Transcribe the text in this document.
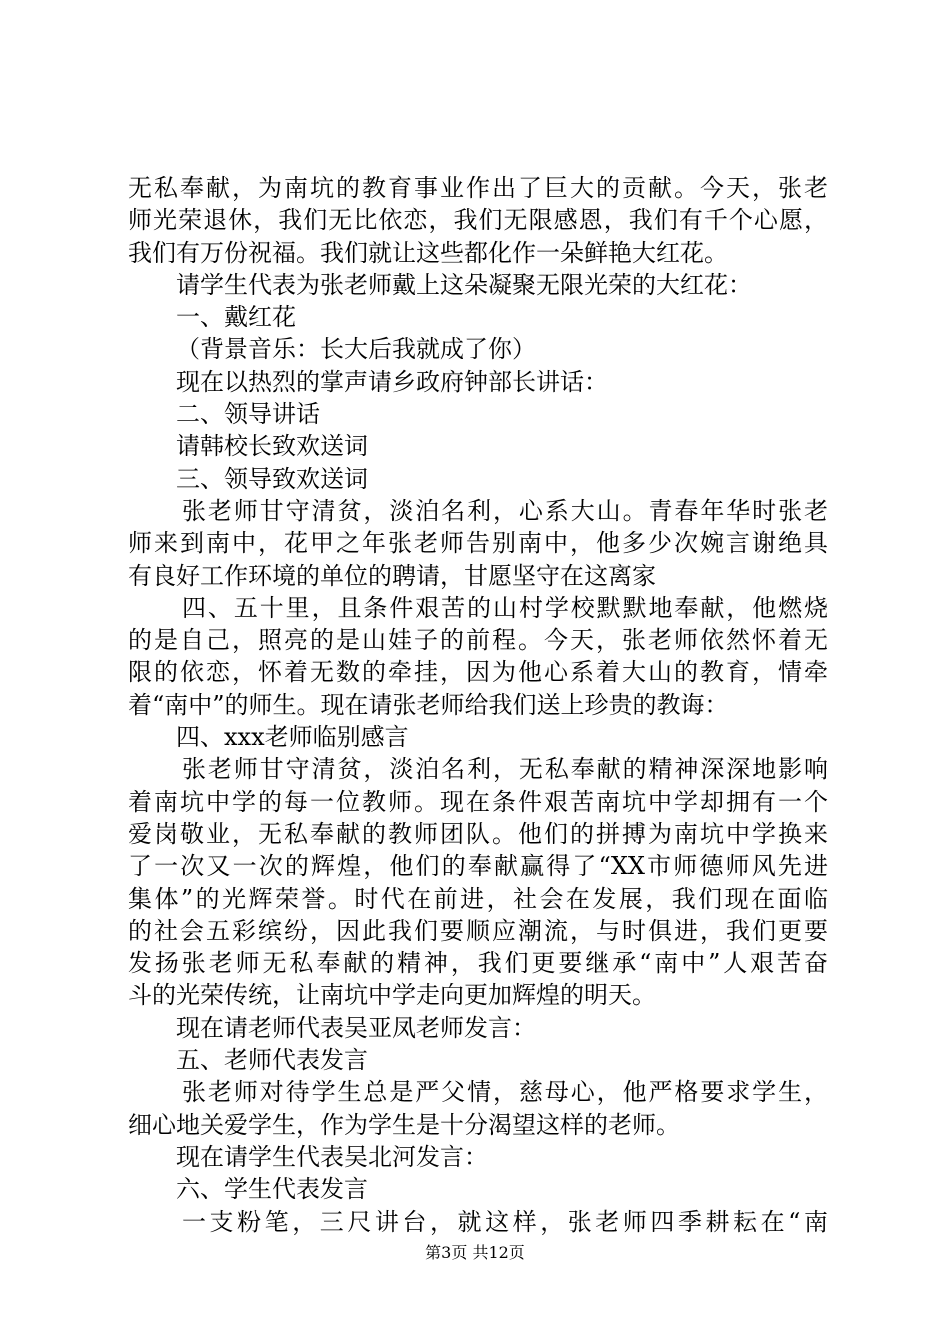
无私奉献，为南坑的教育事业作出了巨大的贡献。今天，张老
师光荣退休，我们无比依恋，我们无限感恩，我们有千个心愿，
我们有万份祝福。我们就让这些都化作一朵鲜艳大红花。
请学生代表为张老师戴上这朵凝聚无限光荣的大红花：
一、戴红花
（背景音乐：长大后我就成了你）
现在以热烈的掌声请乡政府钟部长讲话：
二、领导讲话
请韩校长致欢送词
三、领导致欢送词
张老师甘守清贫，淡泊名利，心系大山。青春年华时张老
师来到南中，花甲之年张老师告别南中，他多少次婉言谢绝具
有良好工作环境的单位的聘请，甘愿坚守在这离家
四、五十里，且条件艰苦的山村学校默默地奉献，他燃烧
的是自己，照亮的是山娃子的前程。今天，张老师依然怀着无
限的依恋，怀着无数的牵挂，因为他心系着大山的教育，情牵
着“南中”的师生。现在请张老师给我们送上珍贵的教诲：
四、xxx老师临别感言
张老师甘守清贫，淡泊名利，无私奉献的精神深深地影响
着南坑中学的每一位教师。现在条件艰苦南坑中学却拥有一个
爱岗敬业，无私奉献的教师团队。他们的拼搏为南坑中学换来
了一次又一次的辉煌，他们的奉献赢得了“XX市师德师风先进
集体”的光辉荣誉。时代在前进，社会在发展，我们现在面临
的社会五彩缤纷，因此我们要顺应潮流，与时俱进，我们更要
发扬张老师无私奉献的精神，我们更要继承“南中”人艰苦奋
斗的光荣传统，让南坑中学走向更加辉煌的明天。
现在请老师代表吴亚凤老师发言：
五、老师代表发言
张老师对待学生总是严父情，慈母心，他严格要求学生，
细心地关爱学生，作为学生是十分渴望这样的老师。
现在请学生代表吴北河发言：
六、学生代表发言
一支粉笔，三尺讲台，就这样，张老师四季耕耘在“南
第3页 共12页
